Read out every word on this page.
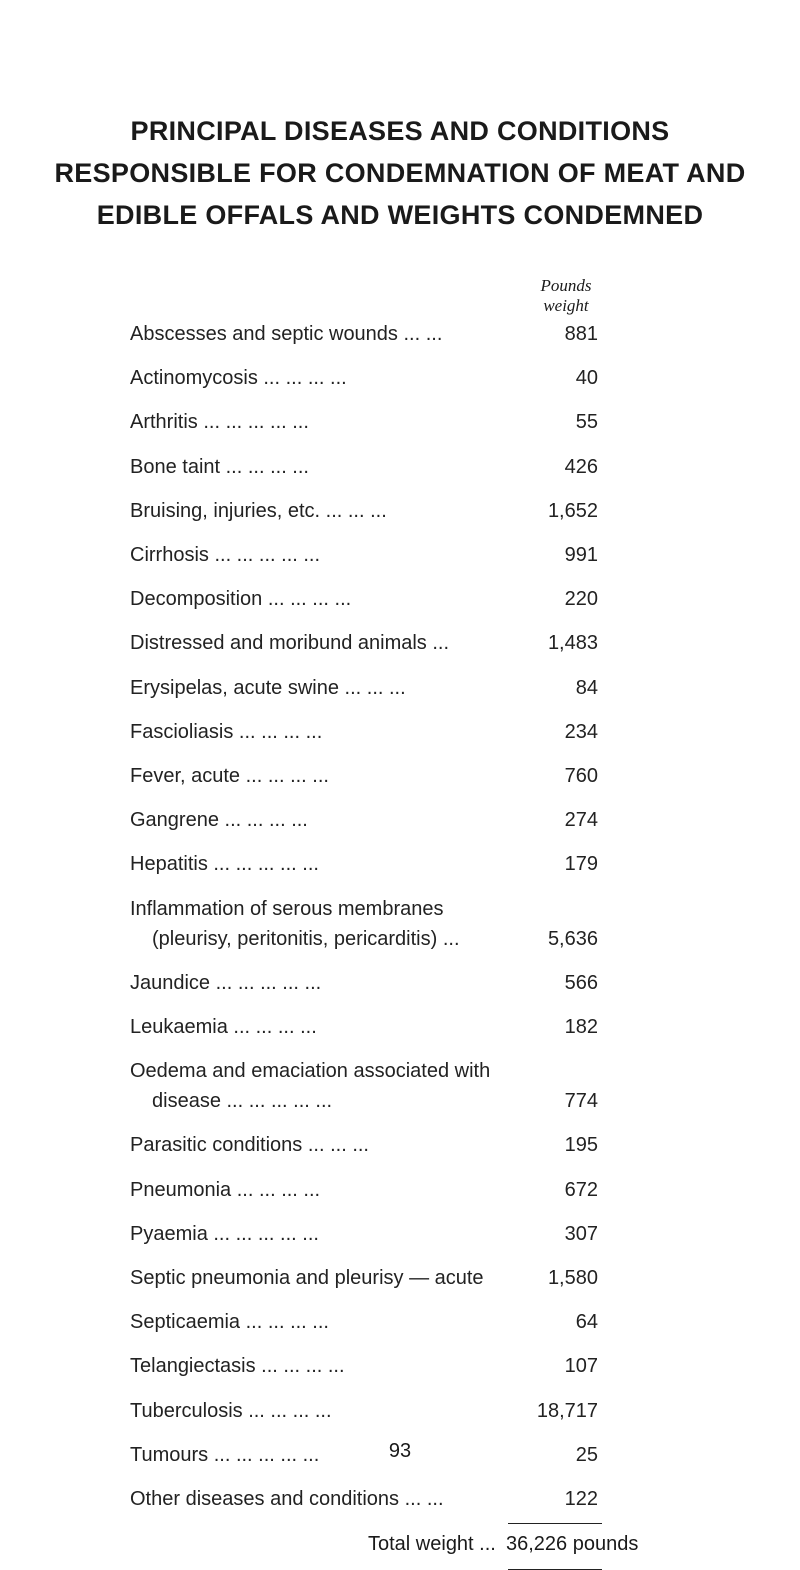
PRINCIPAL DISEASES AND CONDITIONS
RESPONSIBLE FOR CONDEMNATION OF MEAT AND
EDIBLE OFFALS AND WEIGHTS CONDEMNED
Pounds
weight
Abscesses and septic wounds ... ...	881
Actinomycosis ... ... ... ...	40
Arthritis ... ... ... ... ...	55
Bone taint ... ... ... ...	426
Bruising, injuries, etc. ... ... ...	1,652
Cirrhosis ... ... ... ... ...	991
Decomposition ... ... ... ...	220
Distressed and moribund animals ...	1,483
Erysipelas, acute swine ... ... ...	84
Fascioliasis ... ... ... ...	234
Fever, acute ... ... ... ...	760
Gangrene ... ... ... ...	274
Hepatitis ... ... ... ... ...	179
Inflammation of serous membranes
(pleurisy, peritonitis, pericarditis) ...	5,636
Jaundice ... ... ... ... ...	566
Leukaemia ... ... ... ...	182
Oedema and emaciation associated with
disease ... ... ... ... ...	774
Parasitic conditions ... ... ...	195
Pneumonia ... ... ... ...	672
Pyaemia ... ... ... ... ...	307
Septic pneumonia and pleurisy — acute	1,580
Septicaemia ... ... ... ...	64
Telangiectasis ... ... ... ...	107
Tuberculosis ... ... ... ...	18,717
Tumours ... ... ... ... ...	25
Other diseases and conditions ... ...	122
Total weight ... 36,226 pounds
93
